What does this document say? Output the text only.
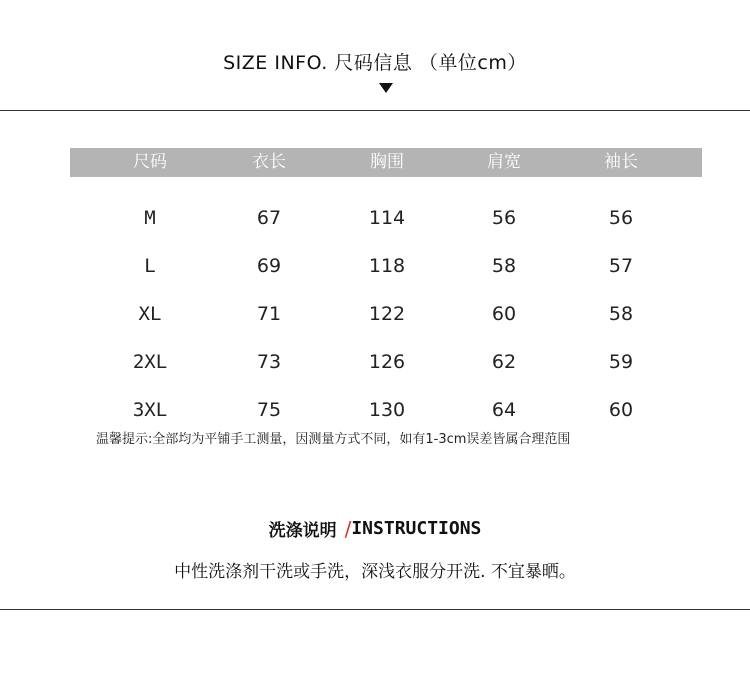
SIZE INFO. 尺码信息 （单位cm）
尺码	衣长	胸围	肩宽	袖长
M	67	114	56	56
L	69	118	58	57
XL	71	122	60	58
2XL	73	126	62	59
3XL	75	130	64	60
温馨提示:全部均为平铺手工测量，因测量方式不同，如有1-3cm误差皆属合理范围
洗涤说明 /INSTRUCTIONS
中性洗涤剂干洗或手洗，深浅衣服分开洗. 不宜暴晒。
